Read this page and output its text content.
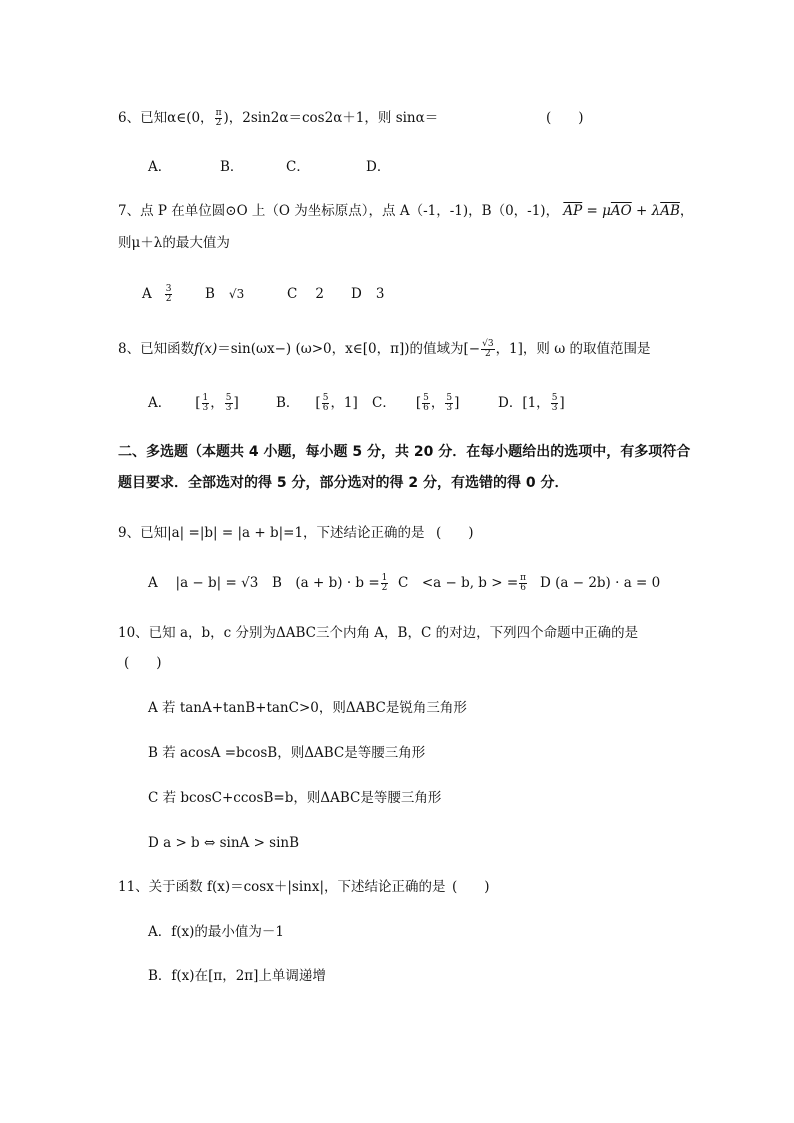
6、已知α∈(0， $\frac{\pi}{2}$ )，2sin2α＝cos2α＋1，则 sinα＝	(　　)
A．	B．	C．	D．
7、点 P 在单位圆⊙O 上（O 为坐标原点），点 A（-1，-1)，B（0，-1)， $\overline{AP} = \mu\overline{AO} + \lambda\overline{AB}$，
则μ＋λ的最大值为
A $\frac{3}{2}$ B √3	C 2 D 3
8、已知函数f(x)＝sin(ωx−) (ω>0，x∈[0，π])的值域为[− $\frac{√3}{2}$ ，1]，则 ω 的取值范围是
A． [ $\frac{1}{3}$ ， $\frac{5}{3}$ ]	B． [ $\frac{5}{6}$ ，1] C． [ $\frac{5}{6}$ ， $\frac{5}{3}$ ]	D．[1， $\frac{5}{3}$ ]
二、多选题（本题共 4 小题，每小题 5 分，共 20 分．在每小题给出的选项中，有多项符合
题目要求．全部选对的得 5 分，部分选对的得 2 分，有选错的得 0 分．
9、已知|a| =|b| = |a + b|=1，下述结论正确的是 (　　)
A　 |a − b| = √3 B　$(a + b) \cdot b = \frac{1}{2}$ C　<a − b, b > = $\frac{\pi}{6}$ D (a − 2b) · a = 0
10、已知 a，b，c 分别为ΔABC三个内角 A，B，C 的对边，下列四个命题中正确的是
(　　)
A 若 tanA+tanB+tanC>0，则ΔABC是锐角三角形
B 若 acosA =bcosB，则ΔABC是等腰三角形
C 若 bcosC+ccosB=b，则ΔABC是等腰三角形
D a > b ⇔ sinA > sinB
11、关于函数 f(x)＝cosx＋|sinx|，下述结论正确的是 (　　)
A．f(x)的最小值为－1
B．f(x)在[π，2π]上单调递增
